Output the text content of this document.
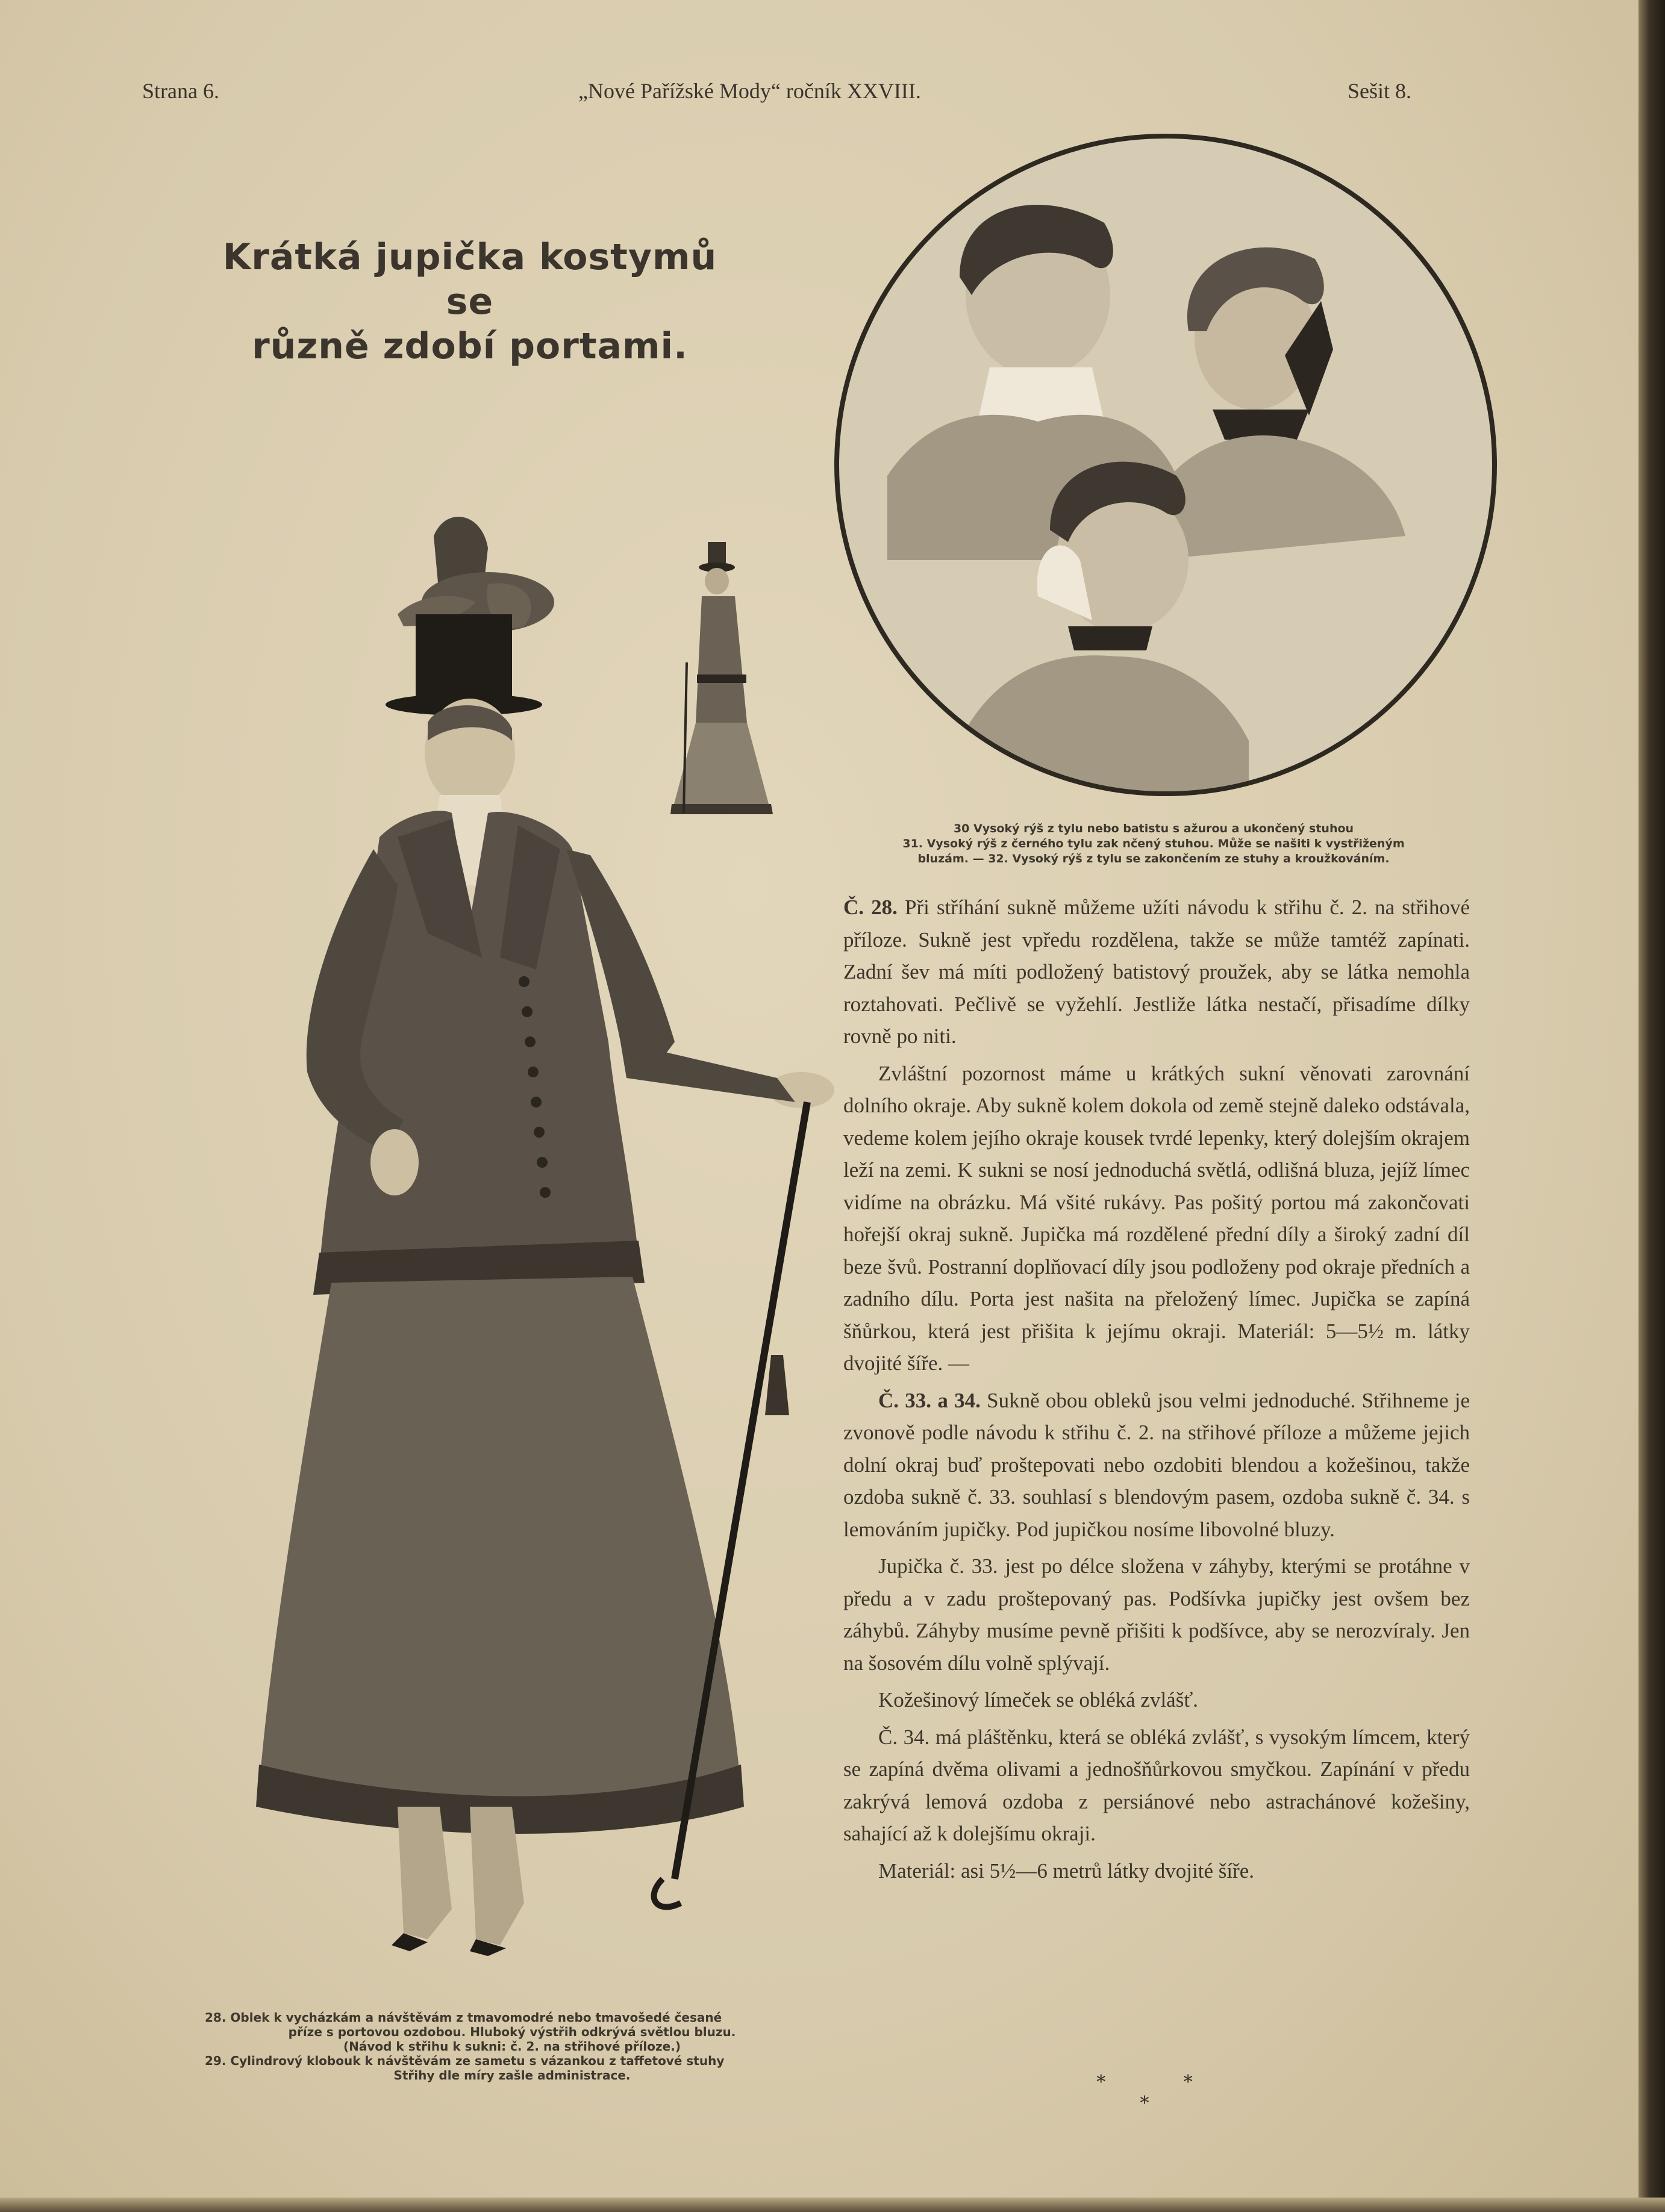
Strana 6.	„Nové Pařížské Mody“ ročník XXVIII.	Sešit 8.
Krátká jupička kostymů se
různě zdobí portami.
30 Vysoký rýš z tylu nebo batistu s ažurou a ukončený stuhou
31. Vysoký rýš z černého tylu zak nčený stuhou. Může se našiti k vystřiženým
bluzám. — 32. Vysoký rýš z tylu se zakončením ze stuhy a kroužkováním.

Č. 28. Při stříhání sukně můžeme užíti návodu k střihu č. 2. na střihové příloze. Sukně jest vpředu rozdělena, takže se může tamtéž zapínati. Zadní šev má míti podložený batistový proužek, aby se látka nemohla roztahovati. Pečlivě se vyžehlí. Jestliže látka nestačí, přisadíme dílky rovně po niti.

Zvláštní pozornost máme u krátkých sukní věnovati zarovnání dolního okraje. Aby sukně kolem dokola od země stejně daleko odstávala, vedeme kolem jejího okraje kousek tvrdé lepenky, který dolejším okrajem leží na zemi. K sukni se nosí jednoduchá světlá, odlišná bluza, jejíž límec vidíme na obrázku. Má všité rukávy. Pas pošitý portou má zakončovati hořejší okraj sukně. Jupička má rozdělené přední díly a široký zadní díl beze švů. Postranní doplňovací díly jsou podloženy pod okraje předních a zadního dílu. Porta jest našita na přeložený límec. Jupička se zapíná šňůrkou, která jest přišita k jejímu okraji. Materiál: 5—5½ m. látky dvojité šíře. —

Č. 33. a 34. Sukně obou obleků jsou velmi jednoduché. Střihneme je zvonově podle návodu k střihu č. 2. na střihové příloze a můžeme jejich dolní okraj buď proštepovati nebo ozdobiti blendou a kožešinou, takže ozdoba sukně č. 33. souhlasí s blendovým pasem, ozdoba sukně č. 34. s lemováním jupičky. Pod jupičkou nosíme libovolné bluzy.

Jupička č. 33. jest po délce složena v záhyby, kterými se protáhne v předu a v zadu proštepovaný pas. Podšívka jupičky jest ovšem bez záhybů. Záhyby musíme pevně přišiti k podšívce, aby se nerozvíraly. Jen na šosovém dílu volně splývají.

Kožešinový límeček se obléká zvlášť.

Č. 34. má pláštěnku, která se obléká zvlášť, s vysokým límcem, který se zapíná dvěma olivami a jednošňůrkovou smyčkou. Zapínání v předu zakrývá lemová ozdoba z persiánové nebo astrachánové kožešiny, sahající až k dolejšímu okraji.

Materiál: asi 5½—6 metrů látky dvojité šíře.

* * *
28. Oblek k vycházkám a návštěvám z tmavomodré nebo tmavošedé česané
příze s portovou ozdobou. Hluboký výstřih odkrývá světlou bluzu.
(Návod k střihu k sukni: č. 2. na střihové příloze.)
29. Cylindrový klobouk k návštěvám ze sametu s vázankou z taffetové stuhy
Střihy dle míry zašle administrace.
